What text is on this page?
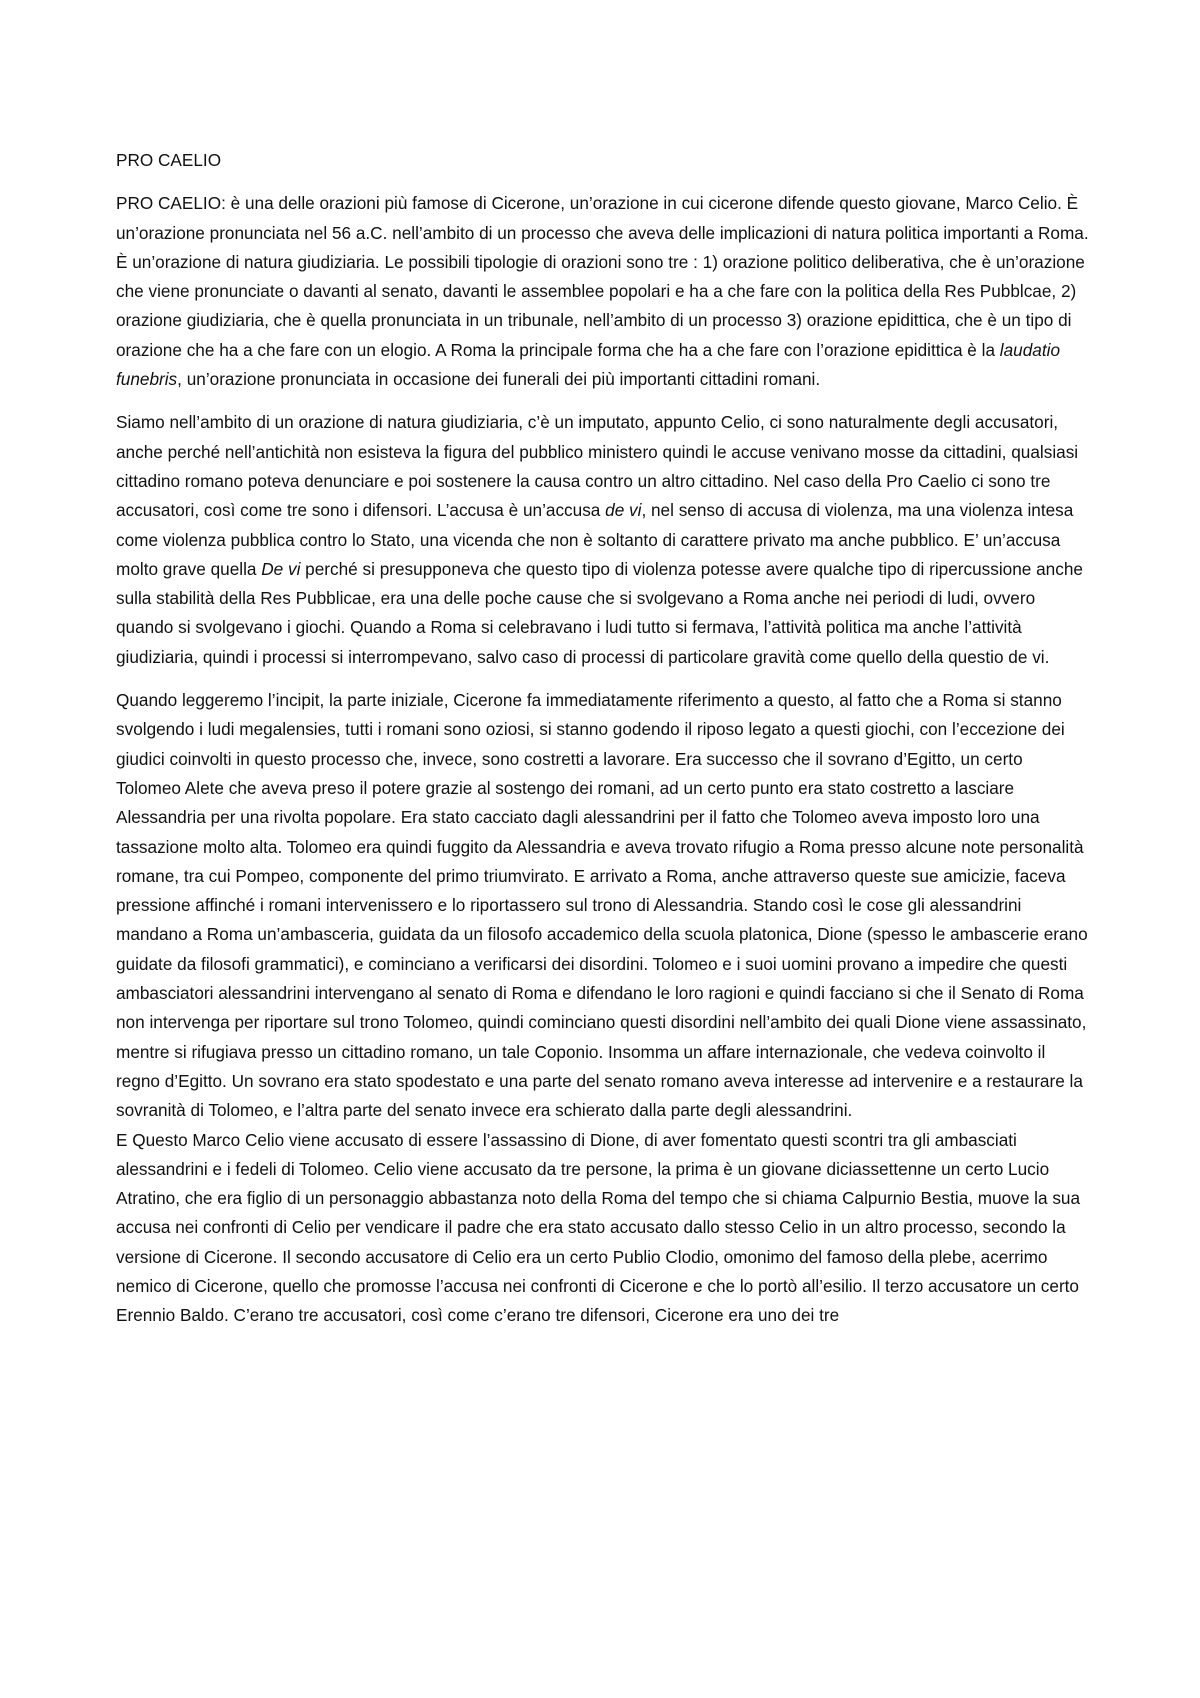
PRO CAELIO

PRO CAELIO: è una delle orazioni più famose di Cicerone, un’orazione in cui cicerone difende questo giovane, Marco Celio. È un’orazione pronunciata nel 56 a.C. nell’ambito di un processo che aveva delle implicazioni di natura politica importanti a Roma. È un’orazione di natura giudiziaria. Le possibili tipologie di orazioni sono tre : 1) orazione politico deliberativa, che è un’orazione che viene pronunciate o davanti al senato, davanti le assemblee popolari e ha a che fare con la politica della Res Pubblcae, 2) orazione giudiziaria, che è quella pronunciata in un tribunale, nell’ambito di un processo 3) orazione epidittica, che è un tipo di orazione che ha a che fare con un elogio. A Roma la principale forma che ha a che fare con l’orazione epidittica è la laudatio funebris, un’orazione pronunciata in occasione dei funerali dei più importanti cittadini romani.

Siamo nell’ambito di un orazione di natura giudiziaria, c’è un imputato, appunto Celio, ci sono naturalmente degli accusatori, anche perché nell’antichità non esisteva la figura del pubblico ministero quindi le accuse venivano mosse da cittadini, qualsiasi cittadino romano poteva denunciare e poi sostenere la causa contro un altro cittadino. Nel caso della Pro Caelio ci sono tre accusatori, così come tre sono i difensori. L’accusa è un’accusa de vi, nel senso di accusa di violenza, ma una violenza intesa come violenza pubblica contro lo Stato, una vicenda che non è soltanto di carattere privato ma anche pubblico. E’ un’accusa molto grave quella De vi perché si presupponeva che questo tipo di violenza potesse avere qualche tipo di ripercussione anche sulla stabilità della Res Pubblicae, era una delle poche cause che si svolgevano a Roma anche nei periodi di ludi, ovvero quando si svolgevano i giochi. Quando a Roma si celebravano i ludi tutto si fermava, l’attività politica ma anche l’attività giudiziaria, quindi i processi si interrompevano, salvo caso di processi di particolare gravità come quello della questio de vi.

Quando leggeremo l’incipit, la parte iniziale, Cicerone fa immediatamente riferimento a questo, al fatto che a Roma si stanno svolgendo i ludi megalensies, tutti i romani sono oziosi, si stanno godendo il riposo legato a questi giochi, con l’eccezione dei giudici coinvolti in questo processo che, invece, sono costretti a lavorare. Era successo che il sovrano d’Egitto, un certo Tolomeo Alete che aveva preso il potere grazie al sostengo dei romani, ad un certo punto era stato costretto a lasciare Alessandria per una rivolta popolare. Era stato cacciato dagli alessandrini per il fatto che Tolomeo aveva imposto loro una tassazione molto alta. Tolomeo era quindi fuggito da Alessandria e aveva trovato rifugio a Roma presso alcune note personalità romane, tra cui Pompeo, componente del primo triumvirato. E arrivato a Roma, anche attraverso queste sue amicizie, faceva pressione affinché i romani intervenissero e lo riportassero sul trono di Alessandria. Stando così le cose gli alessandrini mandano a Roma un’ambasceria, guidata da un filosofo accademico della scuola platonica, Dione (spesso le ambascerie erano guidate da filosofi grammatici), e cominciano a verificarsi dei disordini. Tolomeo e i suoi uomini provano a impedire che questi ambasciatori alessandrini intervengano al senato di Roma e difendano le loro ragioni e quindi facciano si che il Senato di Roma non intervenga per riportare sul trono Tolomeo, quindi cominciano questi disordini nell’ambito dei quali Dione viene assassinato, mentre si rifugiava presso un cittadino romano, un tale Coponio. Insomma un affare internazionale, che vedeva coinvolto il regno d’Egitto. Un sovrano era stato spodestato e una parte del senato romano aveva interesse ad intervenire e a restaurare la sovranità di Tolomeo, e l’altra parte del senato invece era schierato dalla parte degli alessandrini.

E Questo Marco Celio viene accusato di essere l’assassino di Dione, di aver fomentato questi scontri tra gli ambasciati alessandrini e i fedeli di Tolomeo. Celio viene accusato da tre persone, la prima è un giovane diciassettenne un certo Lucio Atratino, che era figlio di un personaggio abbastanza noto della Roma del tempo che si chiama Calpurnio Bestia, muove la sua accusa nei confronti di Celio per vendicare il padre che era stato accusato dallo stesso Celio in un altro processo, secondo la versione di Cicerone. Il secondo accusatore di Celio era un certo Publio Clodio, omonimo del famoso della plebe, acerrimo nemico di Cicerone, quello che promosse l’accusa nei confronti di Cicerone e che lo portò all’esilio. Il terzo accusatore un certo Erennio Baldo. C’erano tre accusatori, così come c’erano tre difensori, Cicerone era uno dei tre
